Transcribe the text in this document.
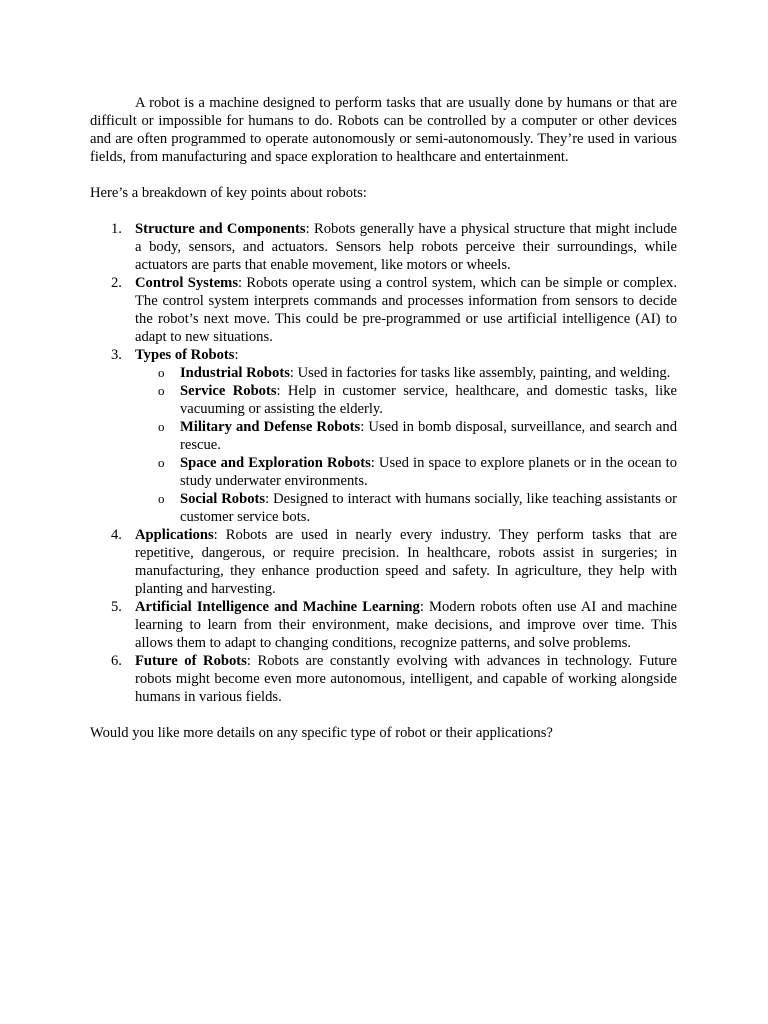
A robot is a machine designed to perform tasks that are usually done by humans or that are difficult or impossible for humans to do. Robots can be controlled by a computer or other devices and are often programmed to operate autonomously or semi-autonomously. They’re used in various fields, from manufacturing and space exploration to healthcare and entertainment.

Here’s a breakdown of key points about robots:

1. Structure and Components: Robots generally have a physical structure that might include a body, sensors, and actuators. Sensors help robots perceive their surroundings, while actuators are parts that enable movement, like motors or wheels.
2. Control Systems: Robots operate using a control system, which can be simple or complex. The control system interprets commands and processes information from sensors to decide the robot’s next move. This could be pre-programmed or use artificial intelligence (AI) to adapt to new situations.
3. Types of Robots:
o Industrial Robots: Used in factories for tasks like assembly, painting, and welding.
o Service Robots: Help in customer service, healthcare, and domestic tasks, like vacuuming or assisting the elderly.
o Military and Defense Robots: Used in bomb disposal, surveillance, and search and rescue.
o Space and Exploration Robots: Used in space to explore planets or in the ocean to study underwater environments.
o Social Robots: Designed to interact with humans socially, like teaching assistants or customer service bots.
4. Applications: Robots are used in nearly every industry. They perform tasks that are repetitive, dangerous, or require precision. In healthcare, robots assist in surgeries; in manufacturing, they enhance production speed and safety. In agriculture, they help with planting and harvesting.
5. Artificial Intelligence and Machine Learning: Modern robots often use AI and machine learning to learn from their environment, make decisions, and improve over time. This allows them to adapt to changing conditions, recognize patterns, and solve problems.
6. Future of Robots: Robots are constantly evolving with advances in technology. Future robots might become even more autonomous, intelligent, and capable of working alongside humans in various fields.

Would you like more details on any specific type of robot or their applications?
